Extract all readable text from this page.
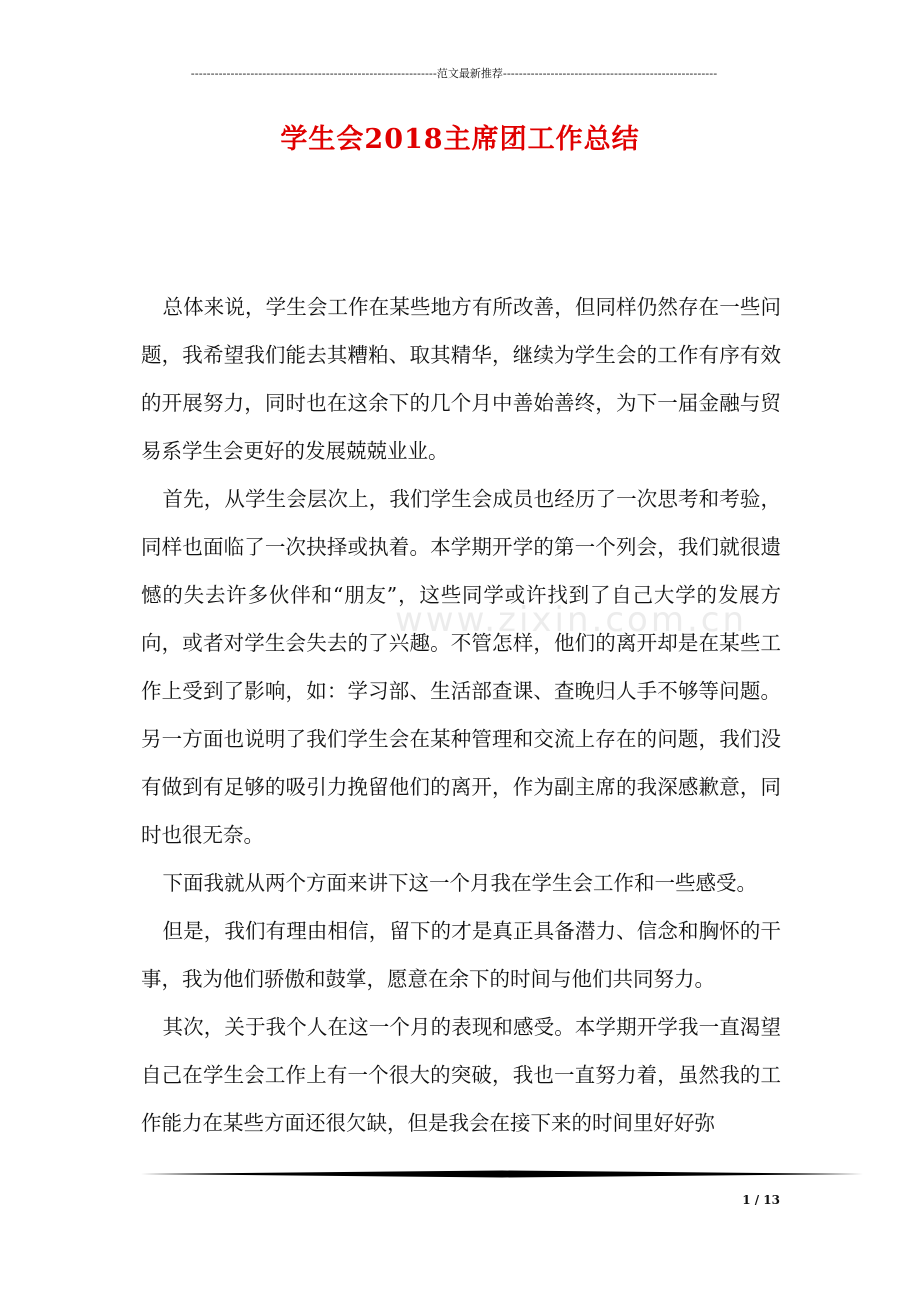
--------------------------------------------------------------范文最新推荐------------------------------------------------------
学生会2018主席团工作总结
www.zixin.com.cn

总体来说，学生会工作在某些地方有所改善，但同样仍然存在一些问题，我希望我们能去其糟粕、取其精华，继续为学生会的工作有序有效的开展努力，同时也在这余下的几个月中善始善终，为下一届金融与贸易系学生会更好的发展兢兢业业。

首先，从学生会层次上，我们学生会成员也经历了一次思考和考验，同样也面临了一次抉择或执着。本学期开学的第一个列会，我们就很遗憾的失去许多伙伴和“朋友”，这些同学或许找到了自己大学的发展方向，或者对学生会失去的了兴趣。不管怎样，他们的离开却是在某些工作上受到了影响，如：学习部、生活部查课、查晚归人手不够等问题。另一方面也说明了我们学生会在某种管理和交流上存在的问题，我们没有做到有足够的吸引力挽留他们的离开，作为副主席的我深感歉意，同时也很无奈。

下面我就从两个方面来讲下这一个月我在学生会工作和一些感受。

但是，我们有理由相信，留下的才是真正具备潜力、信念和胸怀的干事，我为他们骄傲和鼓掌，愿意在余下的时间与他们共同努力。

其次，关于我个人在这一个月的表现和感受。本学期开学我一直渴望自己在学生会工作上有一个很大的突破，我也一直努力着，虽然我的工作能力在某些方面还很欠缺，但是我会在接下来的时间里好好弥

1 / 13
